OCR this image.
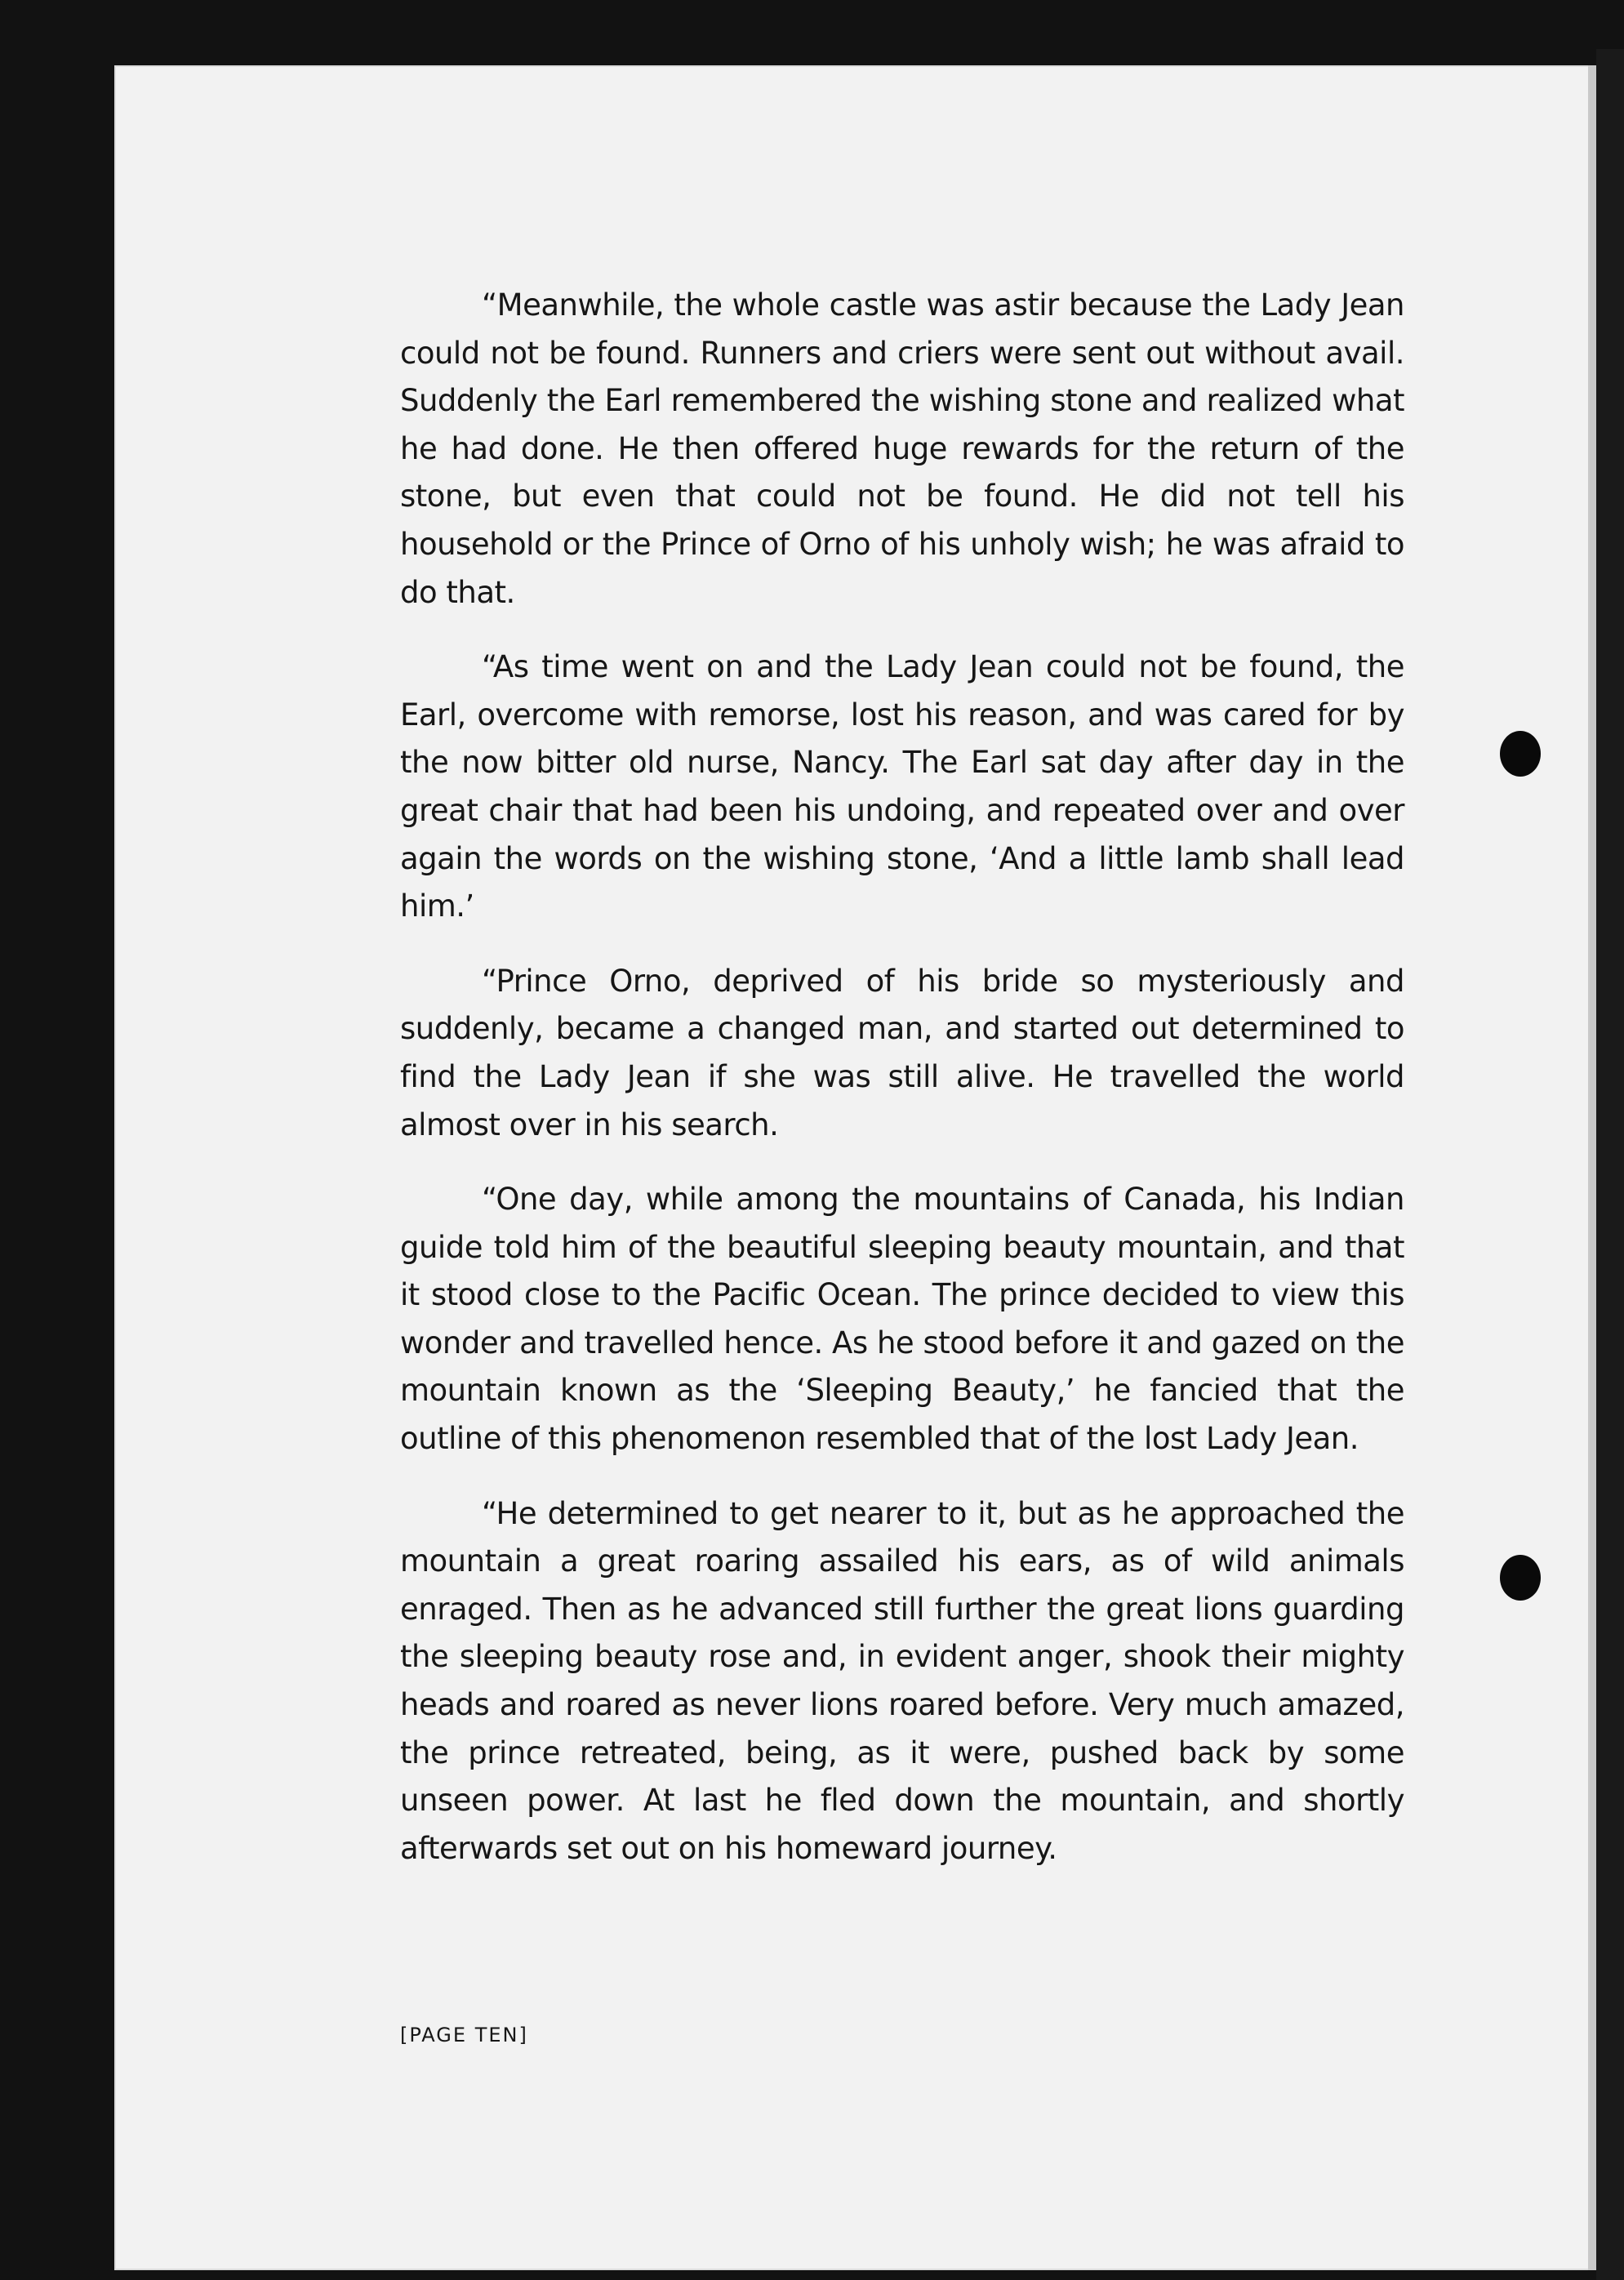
“Meanwhile, the whole castle was astir because the Lady Jean could not be found. Runners and criers were sent out without avail. Suddenly the Earl remembered the wishing stone and realized what he had done. He then offered huge rewards for the return of the stone, but even that could not be found. He did not tell his household or the Prince of Orno of his unholy wish; he was afraid to do that.

“As time went on and the Lady Jean could not be found, the Earl, overcome with remorse, lost his reason, and was cared for by the now bitter old nurse, Nancy. The Earl sat day after day in the great chair that had been his undoing, and repeated over and over again the words on the wishing stone, ‘And a little lamb shall lead him.’

“Prince Orno, deprived of his bride so mysteriously and suddenly, became a changed man, and started out determined to find the Lady Jean if she was still alive. He travelled the world almost over in his search.

“One day, while among the mountains of Canada, his Indian guide told him of the beautiful sleeping beauty mountain, and that it stood close to the Pacific Ocean. The prince decided to view this wonder and travelled hence. As he stood before it and gazed on the mountain known as the ‘Sleeping Beauty,’ he fancied that the outline of this phenomenon resembled that of the lost Lady Jean.

“He determined to get nearer to it, but as he approached the mountain a great roaring assailed his ears, as of wild animals enraged. Then as he advanced still further the great lions guarding the sleeping beauty rose and, in evident anger, shook their mighty heads and roared as never lions roared before. Very much amazed, the prince retreated, being, as it were, pushed back by some unseen power. At last he fled down the mountain, and shortly afterwards set out on his homeward journey.

[PAGE TEN]
